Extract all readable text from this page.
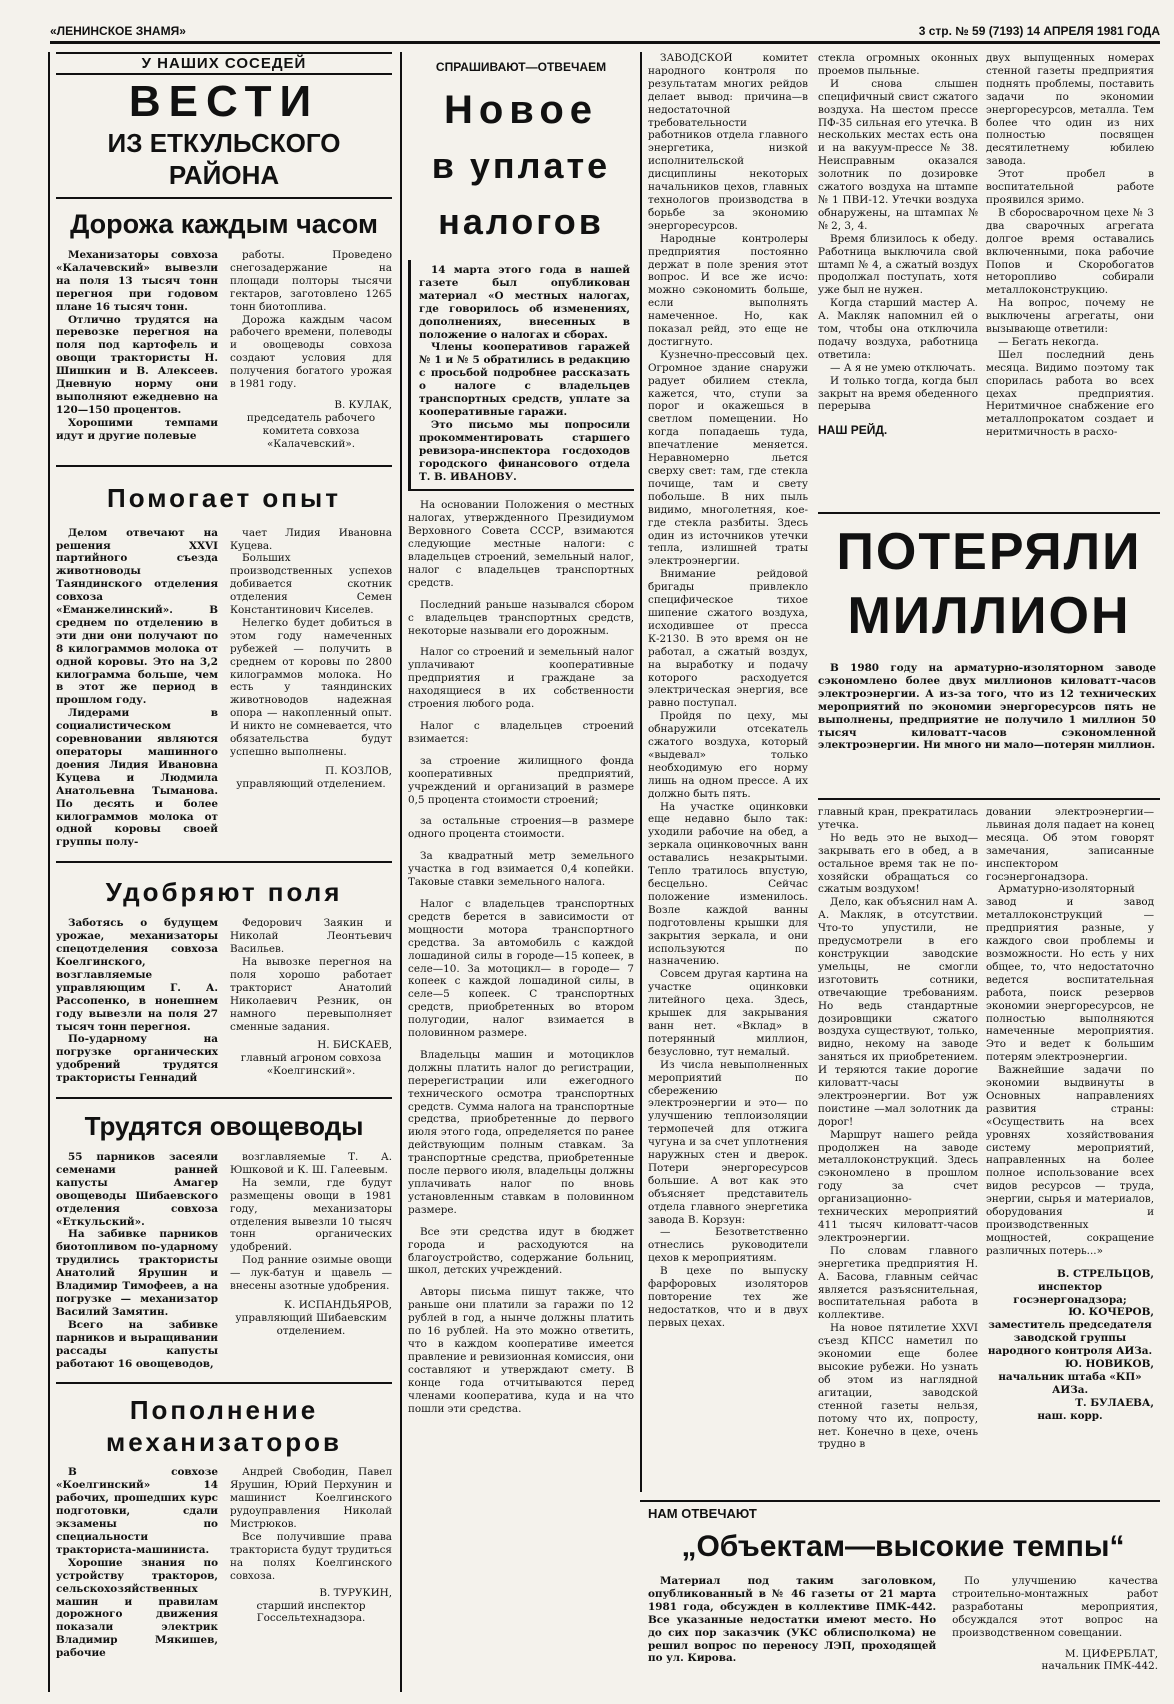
«ЛЕНИНСКОЕ ЗНАМЯ»	3 стр. № 59 (7193) 14 АПРЕЛЯ 1981 ГОДА
У НАШИХ СОСЕДЕЙ
ВЕСТИ
ИЗ ЕТКУЛЬСКОГО РАЙОНА
Дорожа каждым часом
Механизаторы совхоза «Калачевский» вывезли на поля 13 тысяч тонн перегноя при годовом плане 16 тысяч тонн.
Отлично трудятся на перевозке перегноя на поля под картофель и овощи трактористы Н. Шишкин и В. Алексеев. Дневную норму они выполняют ежедневно на 120—150 процентов.
Хорошими темпами идут и другие полевые
работы. Проведено снегозадержание на площади полторы тысячи гектаров, заготовлено 1265 тонн биотоплива.
Дорожа каждым часом рабочего времени, полеводы и овощеводы совхоза создают условия для получения богатого урожая в 1981 году.
В. КУЛАК,
председатель рабочего комитета совхоза «Калачевский».
Помогает опыт
Делом отвечают на решения XXVI партийного съезда животноводы Таяндинского отделения совхоза «Еманжелинский». В среднем по отделению в эти дни они получают по 8 килограммов молока от одной коровы. Это на 3,2 килограмма больше, чем в этот же период в прошлом году.
Лидерами в социалистическом соревновании являются операторы машинного доения Лидия Ивановна Куцева и Людмила Анатольевна Тыманова. По десять и более килограммов молока от одной коровы своей группы полу-
чает Лидия Ивановна Куцева.
Больших производственных успехов добивается скотник отделения Семен Константинович Киселев.
Нелегко будет добиться в этом году намеченных рубежей — получить в среднем от коровы по 2800 килограммов молока. Но есть у таяндинских животноводов надежная опора — накопленный опыт. И никто не сомневается, что обязательства будут успешно выполнены.
П. КОЗЛОВ,
управляющий отделением.
Удобряют поля
Заботясь о будущем урожае, механизаторы спецотделения совхоза Коелгинского, возглавляемые управляющим Г. А. Рассопенко, в нонешнем году вывезли на поля 27 тысяч тонн перегноя.
По-ударному на погрузке органических удобрений трудятся трактористы Геннадий
Федорович Заякин и Николай Леонтьевич Васильев.
На вывозке перегноя на поля хорошо работает тракторист Анатолий Николаевич Резник, он намного перевыполняет сменные задания.
Н. БИСКАЕВ,
главный агроном совхоза «Коелгинский».
Трудятся овощеводы
55 парников засеяли семенами ранней капусты Амагер овощеводы Шибаевского отделения совхоза «Еткульский».
На забивке парников биотопливом по-ударному трудились трактористы Анатолий Ярушин и Владимир Тимофеев, а на погрузке — механизатор Василий Замятин.
Всего на забивке парников и выращивании рассады капусты работают 16 овощеводов,
возглавляемые Т. А. Юшковой и К. Ш. Галеевым.
На земли, где будут размещены овощи в 1981 году, механизаторы отделения вывезли 10 тысяч тонн органических удобрений.
Под ранние озимые овощи — лук-батун и щавель — внесены азотные удобрения.
К. ИСПАНДЬЯРОВ,
управляющий Шибаевским отделением.
Пополнение
механизаторов
В совхозе «Коелгинский» 14 рабочих, прошедших курс подготовки, сдали экзамены по специальности тракториста-машиниста.
Хорошие знания по устройству тракторов, сельскохозяйственных машин и правилам дорожного движения показали электрик Владимир Мякишев, рабочие
Андрей Свободин, Павел Ярушин, Юрий Перхунин и машинист Коелгинского рудоуправления Николай Мистрюков.
Все получившие права тракториста будут трудиться на полях Коелгинского совхоза.
В. ТУРУКИН,
старший инспектор Госсельтехнадзора.
СПРАШИВАЮТ—ОТВЕЧАЕМ
Новое
в уплате
налогов
14 марта этого года в нашей газете был опубликован материал «О местных налогах, где говорилось об изменениях, дополнениях, внесенных в положение о налогах и сборах.
Члены кооперативов гаражей № 1 и № 5 обратились в редакцию с просьбой подробнее рассказать о налоге с владельцев транспортных средств, уплате за кооперативные гаражи.
Это письмо мы попросили прокомментировать старшего ревизора-инспектора госдоходов городского финансового отдела Т. В. ИВАНОВУ.
На основании Положения о местных налогах, утвержденного Президиумом Верховного Совета СССР, взимаются следующие местные налоги: с владельцев строений, земельный налог, налог с владельцев транспортных средств.
Последний раньше назывался сбором с владельцев транспортных средств, некоторые называли его дорожным.
Налог со строений и земельный налог уплачивают кооперативные предприятия и граждане за находящиеся в их собственности строения любого рода.
Налог с владельцев строений взимается:
за строение жилищного фонда кооперативных предприятий, учреждений и организаций в размере 0,5 процента стоимости строений;
за остальные строения—в размере одного процента стоимости.
За квадратный метр земельного участка в год взимается 0,4 копейки. Таковые ставки земельного налога.
Налог с владельцев транспортных средств берется в зависимости от мощности мотора транспортного средства. За автомобиль с каждой лошадиной силы в городе—15 копеек, в селе—10. За мотоцикл— в городе— 7 копеек с каждой лошадиной силы, в селе—5 копеек. С транспортных средств, приобретенных во втором полугодии, налог взимается в половинном размере.
Владельцы машин и мотоциклов должны платить налог до регистрации, перерегистрации или ежегодного технического осмотра транспортных средств. Сумма налога на транспортные средства, приобретенные до первого июля этого года, определяется по ранее действующим полным ставкам. За транспортные средства, приобретенные после первого июля, владельцы должны уплачивать налог по вновь установленным ставкам в половинном размере.
Все эти средства идут в бюджет города и расходуются на благоустройство, содержание больниц, школ, детских учреждений.
Авторы письма пишут также, что раньше они платили за гаражи по 12 рублей в год, а нынче должны платить по 16 рублей. На это можно ответить, что в каждом кооперативе имеется правление и ревизионная комиссия, они составляют и утверждают смету. В конце года отчитываются перед членами кооператива, куда и на что пошли эти средства.
ЗАВОДСКОЙ комитет народного контроля по результатам многих рейдов делает вывод: причина—в недостаточной требовательности работников отдела главного энергетика, низкой исполнительской дисциплины некоторых начальников цехов, главных технологов производства в борьбе за экономию энергоресурсов.
Народные контролеры предприятия постоянно держат в поле зрения этот вопрос. И все же исчо: можно сэкономить больше, если выполнять намеченное. Но, как показал рейд, это еще не достигнуто.
Кузнечно-прессовый цех. Огромное здание снаружи радует обилием стекла, кажется, что, ступи за порог и окажешься в светлом помещении. Но когда попадаешь туда, впечатление меняется. Неравномерно льется сверху свет: там, где стекла почище, там и свету побольше. В них пыль видимо, многолетняя, кое-где стекла разбиты. Здесь один из источников утечки тепла, излишней траты электроэнергии.
Внимание рейдовой бригады привлекло специфическое тихое шипение сжатого воздуха, исходившее от пресса К-2130. В это время он не работал, а сжатый воздух, на выработку и подачу которого расходуется электрическая энергия, все равно поступал.
Пройдя по цеху, мы обнаружили отсекатель сжатого воздуха, который «выдевал» только необходимую его норму лишь на одном прессе. А их должно быть пять.
На участке оцинковки еще недавно было так: уходили рабочие на обед, а зеркала оцинковочных ванн оставались незакрытыми. Тепло тратилось впустую, бесцельно. Сейчас положение изменилось. Возле каждой ванны подготовлены крышки для закрытия зеркала, и они используются по назначению.
Совсем другая картина на участке оцинковки литейного цеха. Здесь, крышек для закрывания ванн нет. «Вклад» в потерянный миллион, безусловно, тут немалый.
Из числа невыполненных мероприятий по сбережению электроэнергии и это— по улучшению теплоизоляции термопечей для отжига чугуна и за счет уплотнения наружных стен и дверок. Потери энергоресурсов большие. А вот как это объясняет представитель отдела главного энергетика завода В. Корзун:
— Безответственно отнеслись руководители цехов к мероприятиям.
В цехе по выпуску фарфоровых изоляторов повторение тех же недостатков, что и в двух первых цехах.
стекла огромных оконных проемов пыльные.
И снова слышен специфичный свист сжатого воздуха. На шестом прессе ПФ-35 сильная его утечка. В нескольких местах есть она и на вакуум-прессе № 38. Неисправным оказался золотник по дозировке сжатого воздуха на штампе № 1 ПВИ-12. Утечки воздуха обнаружены, на штампах №№ 2, 3, 4.
Время близилось к обеду. Работница выключила свой штамп № 4, а сжатый воздух продолжал поступать, хотя уже был не нужен.
Когда старший мастер А. А. Макляк напомнил ей о том, чтобы она отключила подачу воздуха, работница ответила:
— А я не умею отключать.
И только тогда, когда был закрыт на время обеденного перерыва
НАШ РЕЙД.
двух выпущенных номерах стенной газеты предприятия поднять проблемы, поставить задачи по экономии энергоресурсов, металла. Тем более что один из них полностью посвящен десятилетнему юбилею завода.
Этот пробел в воспитательной работе проявился зримо.
В сборосварочном цехе № 3 два сварочных агрегата долгое время оставались включенными, пока рабочие Попов и Скоробогатов неторопливо собирали металлоконструкцию.
На вопрос, почему не выключены агрегаты, они вызывающе ответили:
— Бегать некогда.
Шел последний день месяца. Видимо поэтому так спорилась работа во всех цехах предприятия. Неритмичное снабжение его металлопрокатом создает и неритмичность в расхо-
ПОТЕРЯЛИ
МИЛЛИОН
В 1980 году на арматурно-изоляторном заводе сэкономлено более двух миллионов киловатт-часов электроэнергии. А из-за того, что из 12 технических мероприятий по экономии энергоресурсов пять не выполнены, предприятие не получило 1 миллион 50 тысяч киловатт-часов сэкономленной электроэнергии. Ни много ни мало—потерян миллион.
главный кран, прекратилась утечка.
Но ведь это не выход—закрывать его в обед, а в остальное время так не по-хозяйски обращаться со сжатым воздухом!
Дело, как объяснил нам А. А. Макляк, в отсутствии. Что-то упустили, не предусмотрели в его конструкции заводские умельцы, не смогли изготовить сотники, отвечающие требованиям. Но ведь стандартные дозировщики сжатого воздуха существуют, только, видно, некому на заводе заняться их приобретением. И теряются такие дорогие киловатт-часы электроэнергии. Вот уж поистине —мал золотник да дорог!
Маршрут нашего рейда продолжен на заводе металлоконструкций. Здесь сэкономлено в прошлом году за счет организационно-технических мероприятий 411 тысяч киловатт-часов электроэнергии.
По словам главного энергетика предприятия Н. А. Басова, главным сейчас является разъяснительная, воспитательная работа в коллективе.
На новое пятилетие XXVI съезд КПСС наметил по экономии еще более высокие рубежи. Но узнать об этом из наглядной агитации, заводской стенной газеты нельзя, потому что их, попросту, нет. Конечно в цехе, очень трудно в
довании электроэнергии—львиная доля падает на конец месяца. Об этом говорят замечания, записанные инспектором госэнергонадзора.
Арматурно-изоляторный завод и завод металлоконструкций — предприятия разные, у каждого свои проблемы и возможности. Но есть у них общее, то, что недостаточно ведется воспитательная работа, поиск резервов экономии энергоресурсов, не полностью выполняются намеченные мероприятия. Это и ведет к большим потерям электроэнергии.
Важнейшие задачи по экономии выдвинуты в Основных направлениях развития страны: «Осуществить на всех уровнях хозяйствования систему мероприятий, направленных на более полное использование всех видов ресурсов — труда, энергии, сырья и материалов, оборудования и производственных мощностей, сокращение различных потерь...»
В. СТРЕЛЬЦОВ,
инспектор госэнергонадзора;
Ю. КОЧЕРОВ,
заместитель председателя заводской группы народного контроля АИЗа.
Ю. НОВИКОВ,
начальник штаба «КП» АИЗа.
Т. БУЛАЕВА,
наш. корр.
НАМ ОТВЕЧАЮТ
„Объектам—высокие темпы“
Материал под таким заголовком, опубликованный в № 46 газеты от 21 марта 1981 года, обсужден в коллективе ПМК-442. Все указанные недостатки имеют место. Но до сих пор заказчик (УКС облисполкома) не решил вопрос по переносу ЛЭП, проходящей по ул. Кирова.
По улучшению качества строительно-монтажных работ разработаны мероприятия, обсуждался этот вопрос на производственном совещании.
М. ЦИФЕРБЛАТ,
начальник ПМК-442.
